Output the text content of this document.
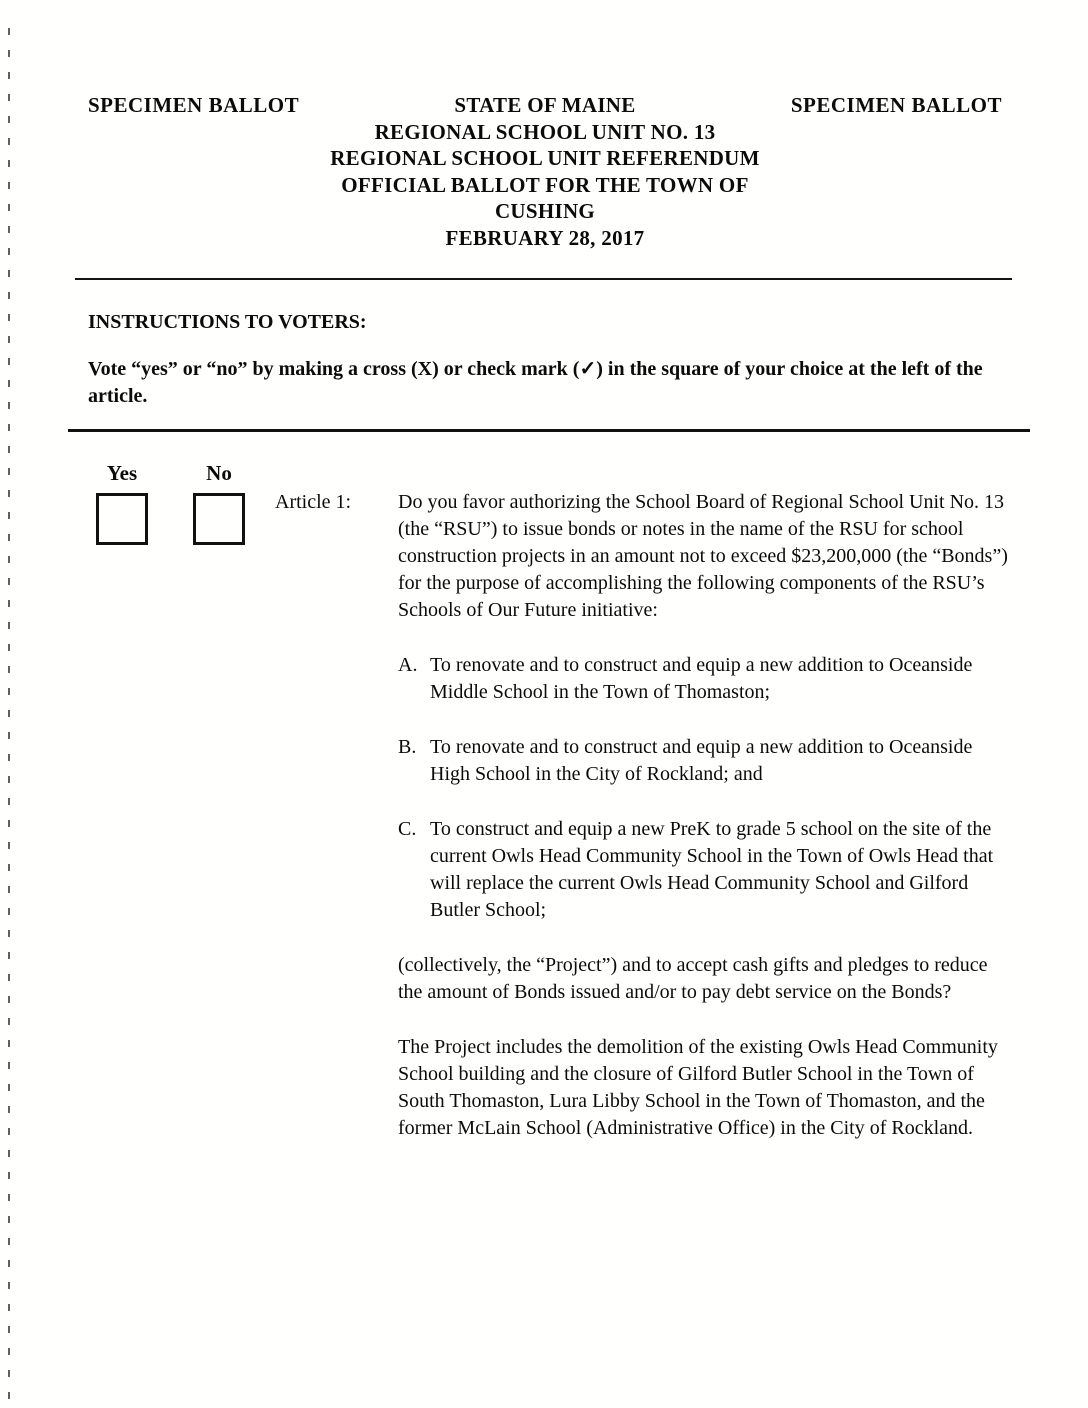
SPECIMEN BALLOT	STATE OF MAINE
REGIONAL SCHOOL UNIT NO. 13
REGIONAL SCHOOL UNIT REFERENDUM
OFFICIAL BALLOT FOR THE TOWN OF CUSHING
FEBRUARY 28, 2017
SPECIMEN BALLOT
INSTRUCTIONS TO VOTERS:
Vote “yes” or “no” by making a cross (X) or check mark (✓) in the square of your choice at the left of the article.
Yes	No
Article 1:	Do you favor authorizing the School Board of Regional School Unit No. 13 (the “RSU”) to issue bonds or notes in the name of the RSU for school construction projects in an amount not to exceed $23,200,000 (the “Bonds”) for the purpose of accomplishing the following components of the RSU’s Schools of Our Future initiative:

A. To renovate and to construct and equip a new addition to Oceanside Middle School in the Town of Thomaston;
B. To renovate and to construct and equip a new addition to Oceanside High School in the City of Rockland; and
C. To construct and equip a new PreK to grade 5 school on the site of the current Owls Head Community School in the Town of Owls Head that will replace the current Owls Head Community School and Gilford Butler School;

(collectively, the “Project”) and to accept cash gifts and pledges to reduce the amount of Bonds issued and/or to pay debt service on the Bonds?

The Project includes the demolition of the existing Owls Head Community School building and the closure of Gilford Butler School in the Town of South Thomaston, Lura Libby School in the Town of Thomaston, and the former McLain School (Administrative Office) in the City of Rockland.
